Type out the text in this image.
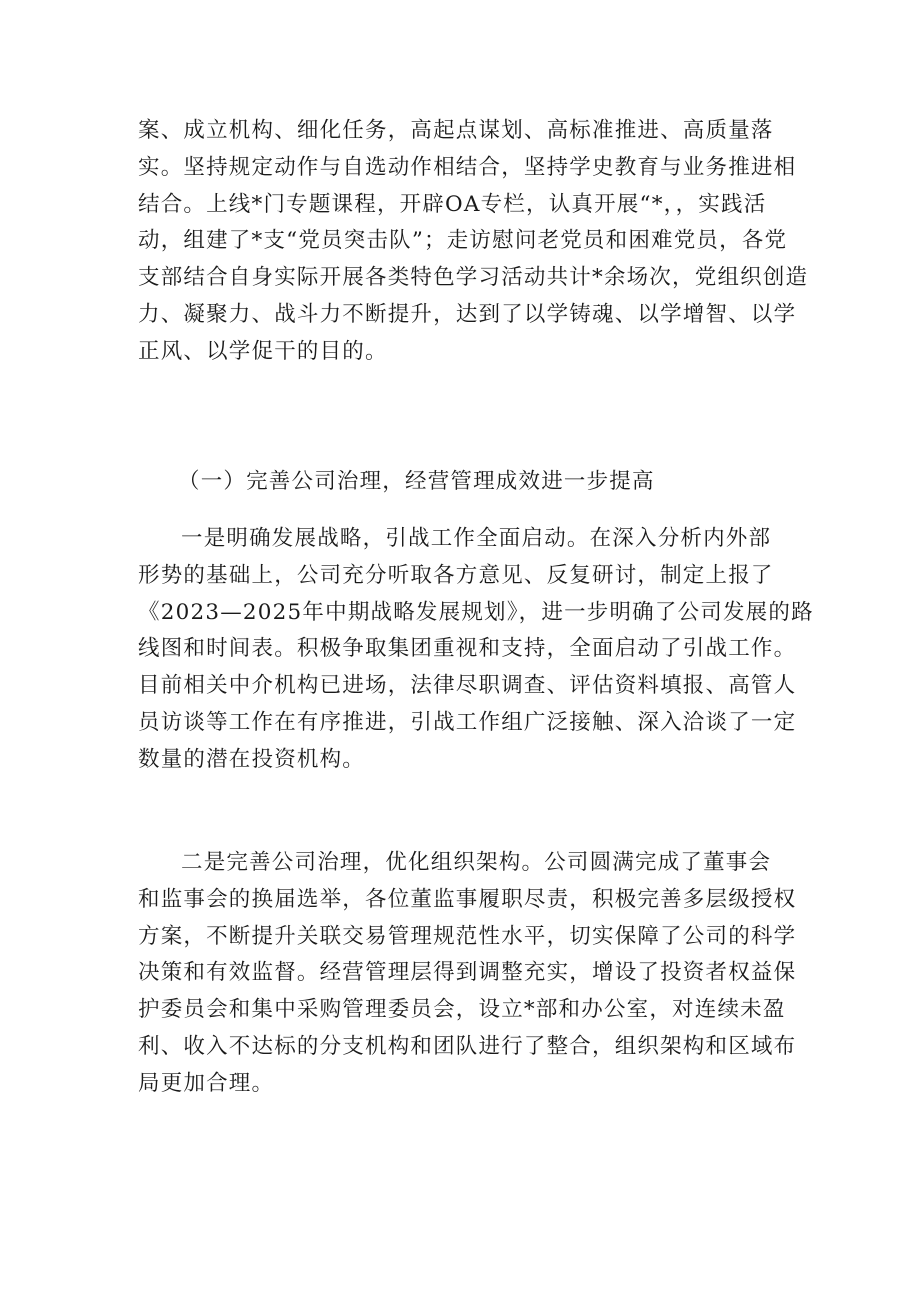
案、成立机构、细化任务，高起点谋划、高标准推进、高质量落
实。坚持规定动作与自选动作相结合，坚持学史教育与业务推进相
结合。上线*门专题课程，开辟OA专栏，认真开展“*，，实践活
动，组建了*支“党员突击队”；走访慰问老党员和困难党员，各党
支部结合自身实际开展各类特色学习活动共计*余场次，党组织创造
力、凝聚力、战斗力不断提升，达到了以学铸魂、以学增智、以学
正风、以学促干的目的。
（一）完善公司治理，经营管理成效进一步提高
一是明确发展战略，引战工作全面启动。在深入分析内外部
形势的基础上，公司充分听取各方意见、反复研讨，制定上报了
《2023—2025年中期战略发展规划》，进一步明确了公司发展的路
线图和时间表。积极争取集团重视和支持，全面启动了引战工作。
目前相关中介机构已进场，法律尽职调查、评估资料填报、高管人
员访谈等工作在有序推进，引战工作组广泛接触、深入洽谈了一定
数量的潜在投资机构。
二是完善公司治理，优化组织架构。公司圆满完成了董事会
和监事会的换届选举，各位董监事履职尽责，积极完善多层级授权
方案，不断提升关联交易管理规范性水平，切实保障了公司的科学
决策和有效监督。经营管理层得到调整充实，增设了投资者权益保
护委员会和集中采购管理委员会，设立*部和办公室，对连续未盈
利、收入不达标的分支机构和团队进行了整合，组织架构和区域布
局更加合理。
